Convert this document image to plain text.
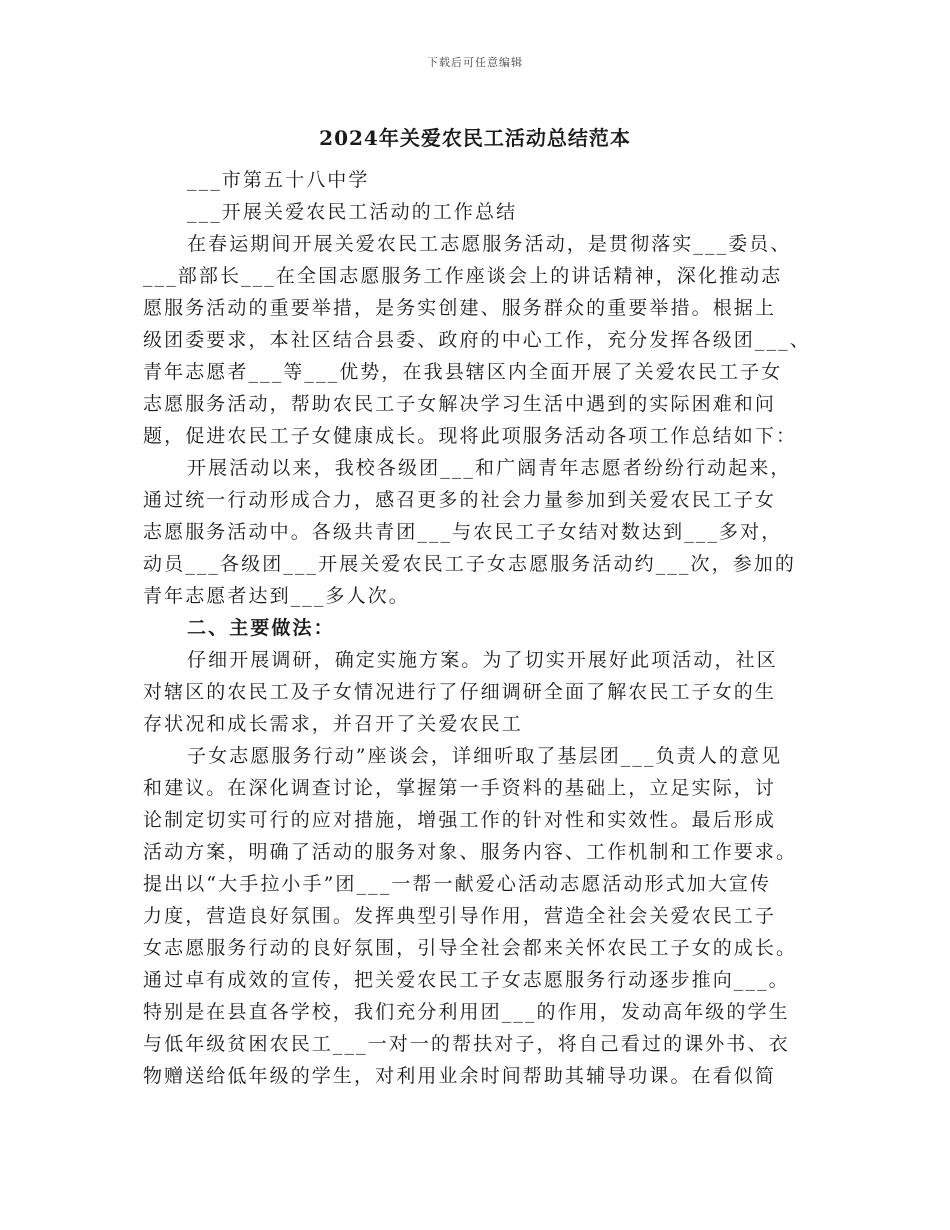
下载后可任意编辑
2024年关爱农民工活动总结范本
___市第五十八中学
___开展关爱农民工活动的工作总结
在春运期间开展关爱农民工志愿服务活动，是贯彻落实___委员、
___部部长___在全国志愿服务工作座谈会上的讲话精神，深化推动志
愿服务活动的重要举措，是务实创建、服务群众的重要举措。根据上
级团委要求，本社区结合县委、政府的中心工作，充分发挥各级团___、
青年志愿者___等___优势，在我县辖区内全面开展了关爱农民工子女
志愿服务活动，帮助农民工子女解决学习生活中遇到的实际困难和问
题，促进农民工子女健康成长。现将此项服务活动各项工作总结如下：
开展活动以来，我校各级团___和广阔青年志愿者纷纷行动起来，
通过统一行动形成合力，感召更多的社会力量参加到关爱农民工子女
志愿服务活动中。各级共青团___与农民工子女结对数达到___多对，
动员___各级团___开展关爱农民工子女志愿服务活动约___次，参加的
青年志愿者达到___多人次。
二、主要做法：
仔细开展调研，确定实施方案。为了切实开展好此项活动，社区
对辖区的农民工及子女情况进行了仔细调研全面了解农民工子女的生
存状况和成长需求，并召开了关爱农民工
子女志愿服务行动”座谈会，详细听取了基层团___负责人的意见
和建议。在深化调查讨论，掌握第一手资料的基础上，立足实际，讨
论制定切实可行的应对措施，增强工作的针对性和实效性。最后形成
活动方案，明确了活动的服务对象、服务内容、工作机制和工作要求。
提出以“大手拉小手”团___一帮一献爱心活动志愿活动形式加大宣传
力度，营造良好氛围。发挥典型引导作用，营造全社会关爱农民工子
女志愿服务行动的良好氛围，引导全社会都来关怀农民工子女的成长。
通过卓有成效的宣传，把关爱农民工子女志愿服务行动逐步推向___。
特别是在县直各学校，我们充分利用团___的作用，发动高年级的学生
与低年级贫困农民工___一对一的帮扶对子，将自己看过的课外书、衣
物赠送给低年级的学生，对利用业余时间帮助其辅导功课。在看似简
